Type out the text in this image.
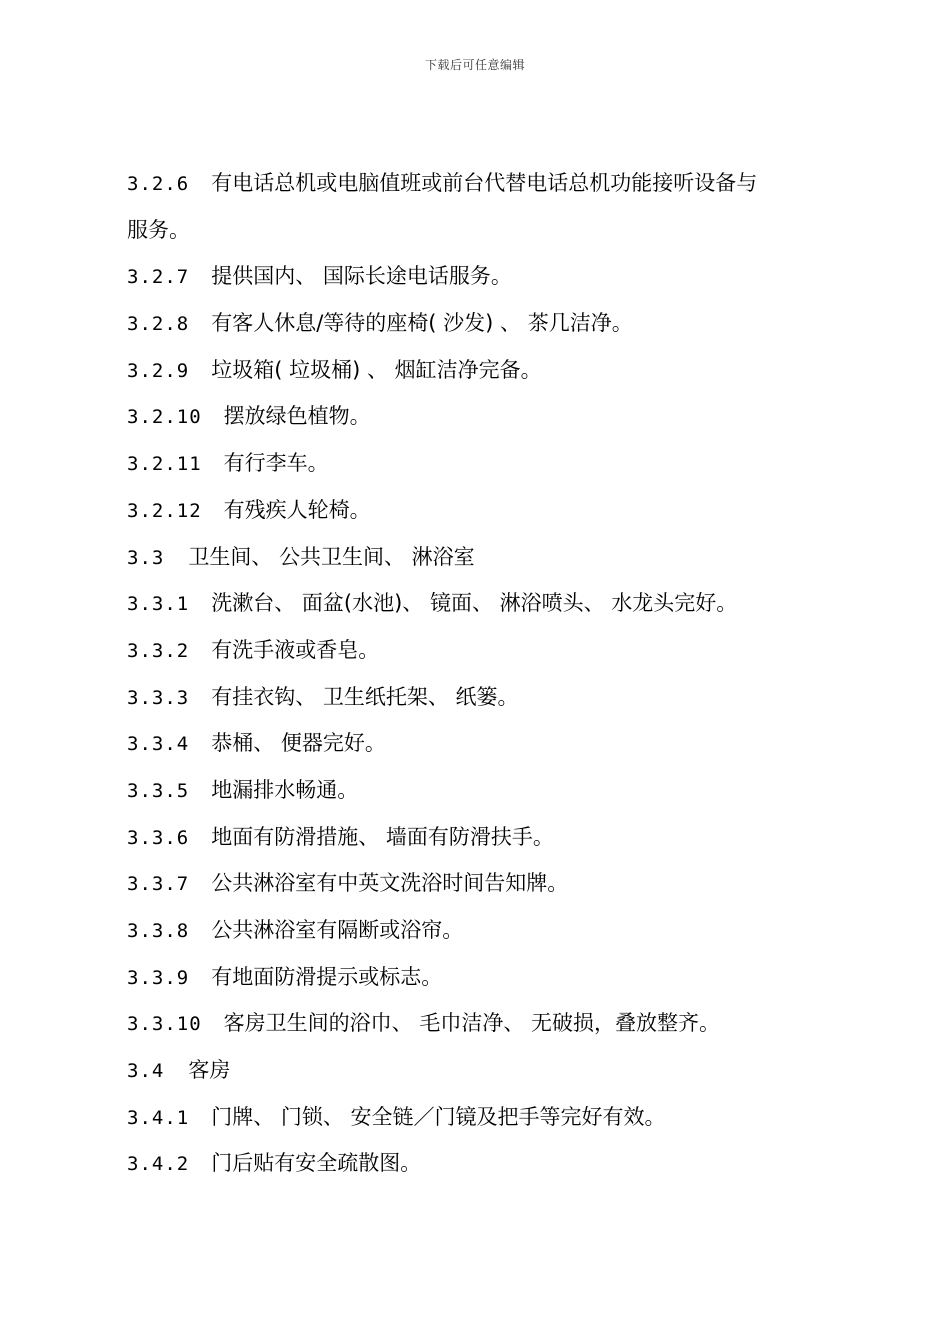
下载后可任意编辑
3.2.6 有电话总机或电脑值班或前台代替电话总机功能接听设备与
服务。
3.2.7 提供国内、 国际长途电话服务。
3.2.8 有客人休息/等待的座椅( 沙发) 、 茶几洁净。
3.2.9 垃圾箱( 垃圾桶) 、 烟缸洁净完备。
3.2.10 摆放绿色植物。
3.2.11 有行李车。
3.2.12 有残疾人轮椅。
3.3 卫生间、 公共卫生间、 淋浴室
3.3.1 洗漱台、 面盆(水池)、 镜面、 淋浴喷头、 水龙头完好。
3.3.2 有洗手液或香皂。
3.3.3 有挂衣钩、 卫生纸托架、 纸篓。
3.3.4 恭桶、 便器完好。
3.3.5 地漏排水畅通。
3.3.6 地面有防滑措施、 墙面有防滑扶手。
3.3.7 公共淋浴室有中英文洗浴时间告知牌。
3.3.8 公共淋浴室有隔断或浴帘。
3.3.9 有地面防滑提示或标志。
3.3.10 客房卫生间的浴巾、 毛巾洁净、 无破损，叠放整齐。
3.4 客房
3.4.1 门牌、 门锁、 安全链／门镜及把手等完好有效。
3.4.2 门后贴有安全疏散图。
